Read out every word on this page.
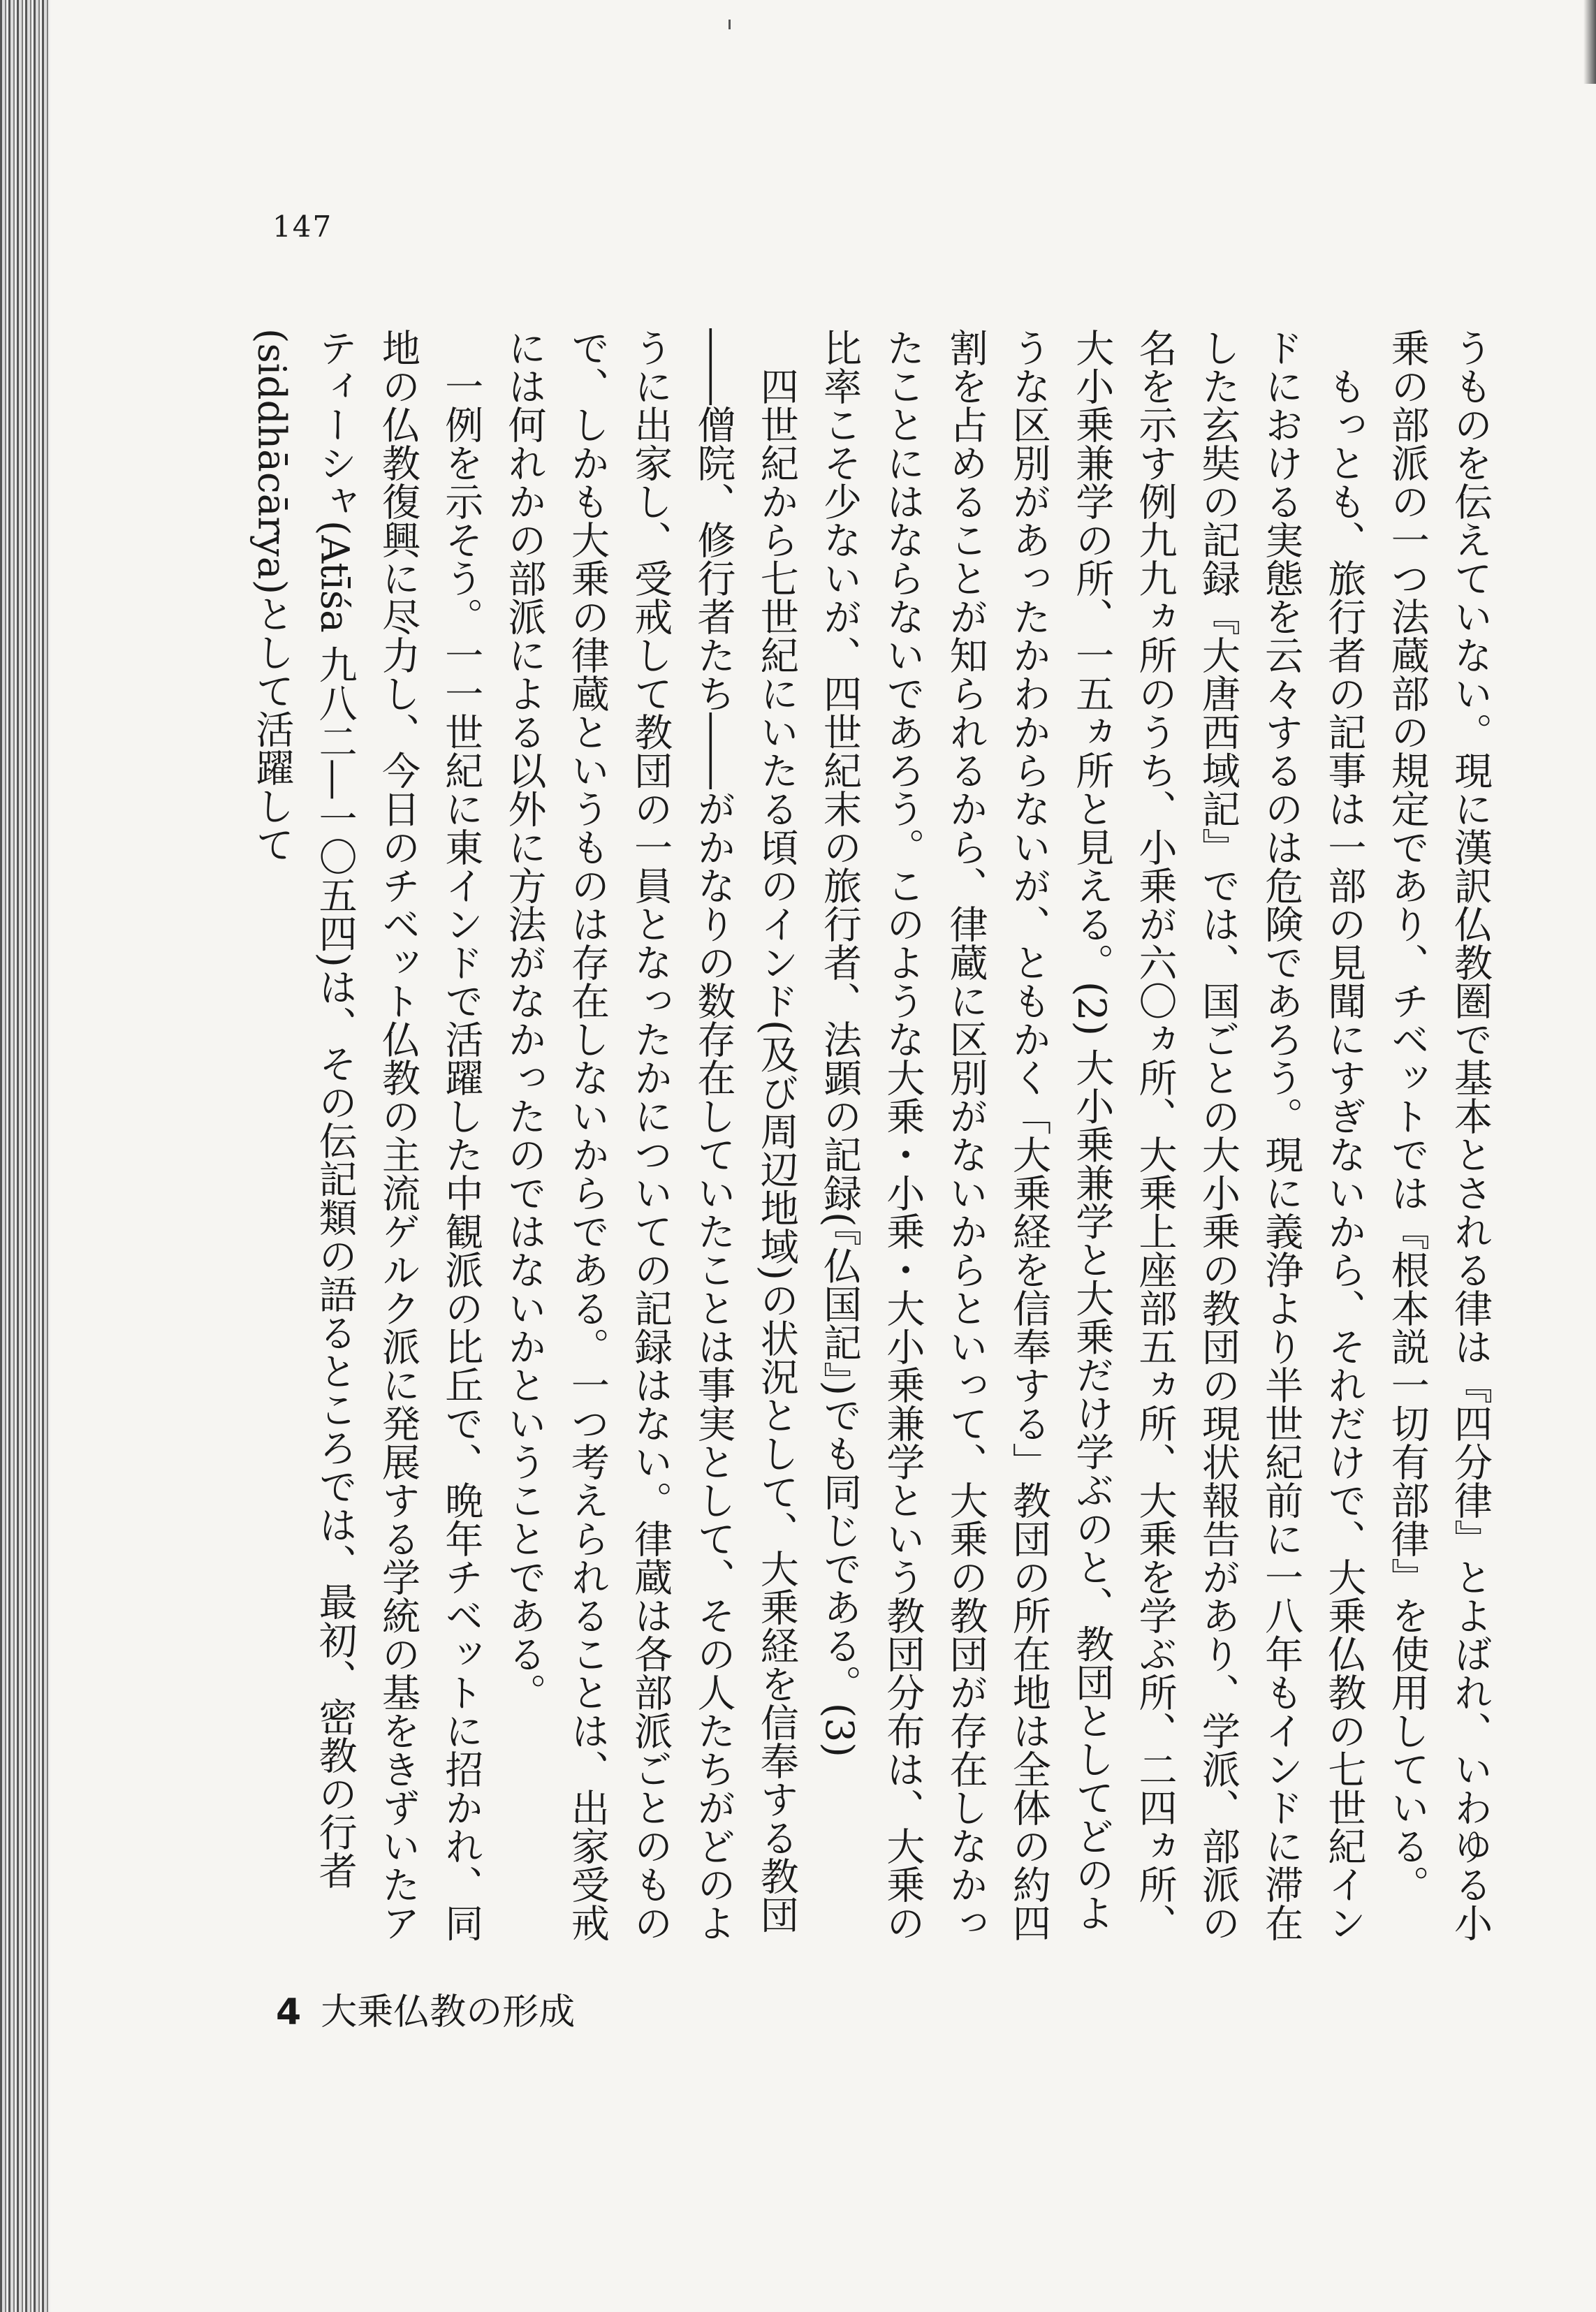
147

うものを伝えていない。現に漢訳仏教圏で基本とされる律は『四分律』とよばれ、いわゆる小乗の部派の一つ法蔵部の規定であり、チベットでは『根本説一切有部律』を使用している。

もっとも、旅行者の記事は一部の見聞にすぎないから、それだけで、大乗仏教の七世紀インドにおける実態を云々するのは危険であろう。現に義浄より半世紀前に一八年もインドに滞在した玄奘の記録『大唐西域記』では、国ごとの大小乗の教団の現状報告があり、学派、部派の名を示す例九九ヵ所のうち、小乗が六〇ヵ所、大乗上座部五ヵ所、大乗を学ぶ所、二四ヵ所、大小乗兼学の所、一五ヵ所と見える。(2) 大小乗兼学と大乗だけ学ぶのと、教団としてどのような区別があったかわからないが、ともかく「大乗経を信奉する」教団の所在地は全体の約四割を占めることが知られるから、律蔵に区別がないからといって、大乗の教団が存在しなかったことにはならないであろう。このような大乗・小乗・大小乗兼学という教団分布は、大乗の比率こそ少ないが、四世紀末の旅行者、法顕の記録(『仏国記』)でも同じである。(3)

四世紀から七世紀にいたる頃のインド(及び周辺地域)の状況として、大乗経を信奉する教団――僧院、修行者たち――がかなりの数存在していたことは事実として、その人たちがどのように出家し、受戒して教団の一員となったかについての記録はない。律蔵は各部派ごとのもので、しかも大乗の律蔵というものは存在しないからである。一つ考えられることは、出家受戒には何れかの部派による以外に方法がなかったのではないかということである。

一例を示そう。一一世紀に東インドで活躍した中観派の比丘で、晩年チベットに招かれ、同地の仏教復興に尽力し、今日のチベット仏教の主流ゲルク派に発展する学統の基をきずいたアティーシャ(Atīśa 九八二―一〇五四)は、その伝記類の語るところでは、最初、密教の行者(siddhācārya)として活躍して

4 大乗仏教の形成
